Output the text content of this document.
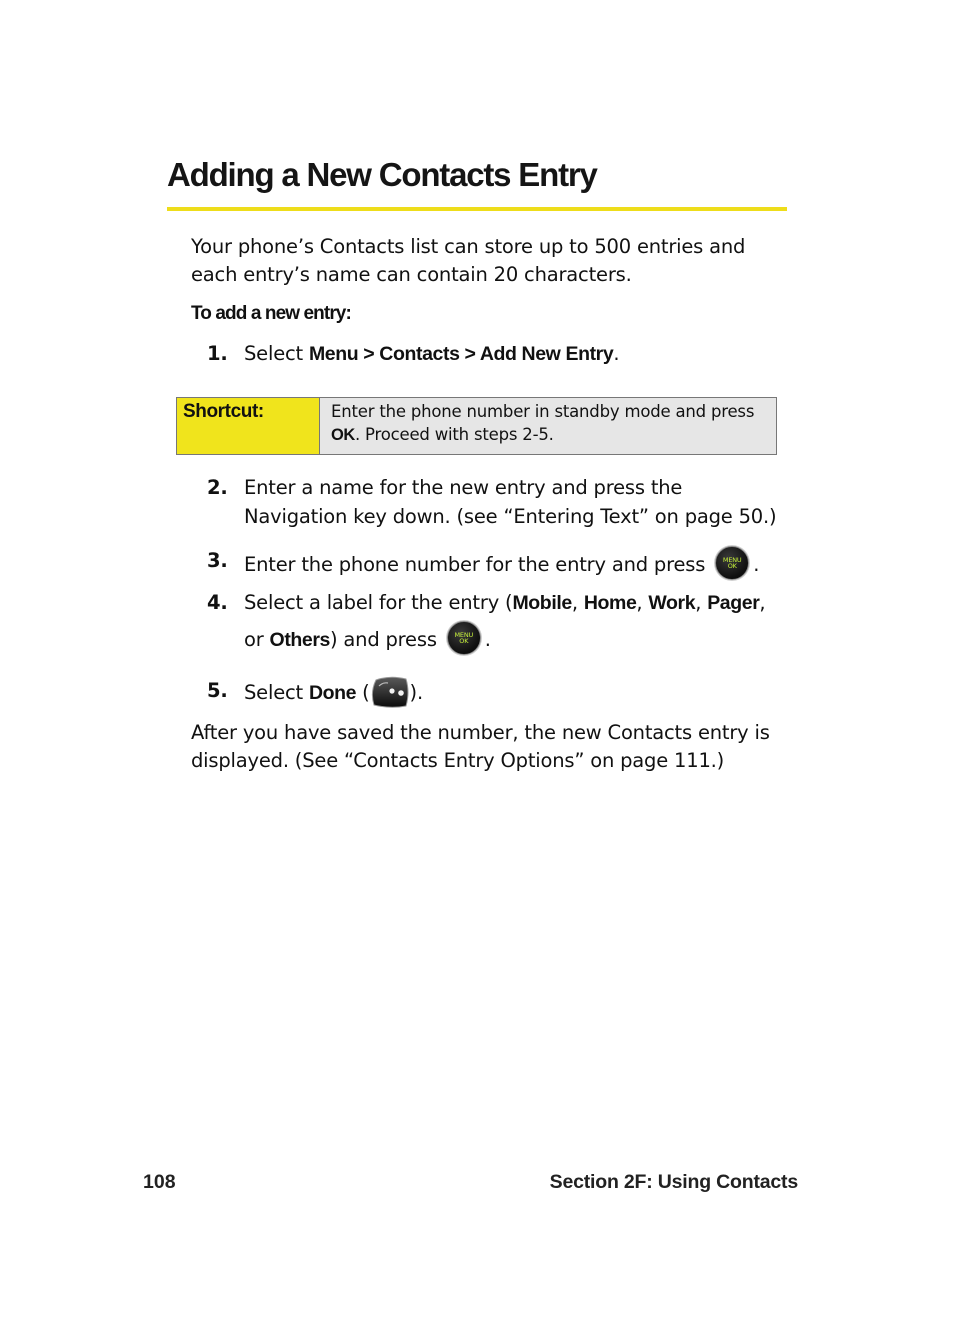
Adding a New Contacts Entry

Your phone’s Contacts list can store up to 500 entries and each entry’s name can contain 20 characters.

To add a new entry:

1. Select Menu > Contacts > Add New Entry.
Shortcut:	Enter the phone number in standby mode and press OK. Proceed with steps 2-5.
2. Enter a name for the new entry and press the Navigation key down. (see “Entering Text” on page 50.)
3. Enter the phone number for the entry and press	MENU
OK .
4. Select a label for the entry (Mobile, Home, Work, Pager, or Others) and press	MENU
OK .
5. Select Done ( ).

After you have saved the number, the new Contacts entry is displayed. (See “Contacts Entry Options” on page 111.)

108	Section 2F: Using Contacts
